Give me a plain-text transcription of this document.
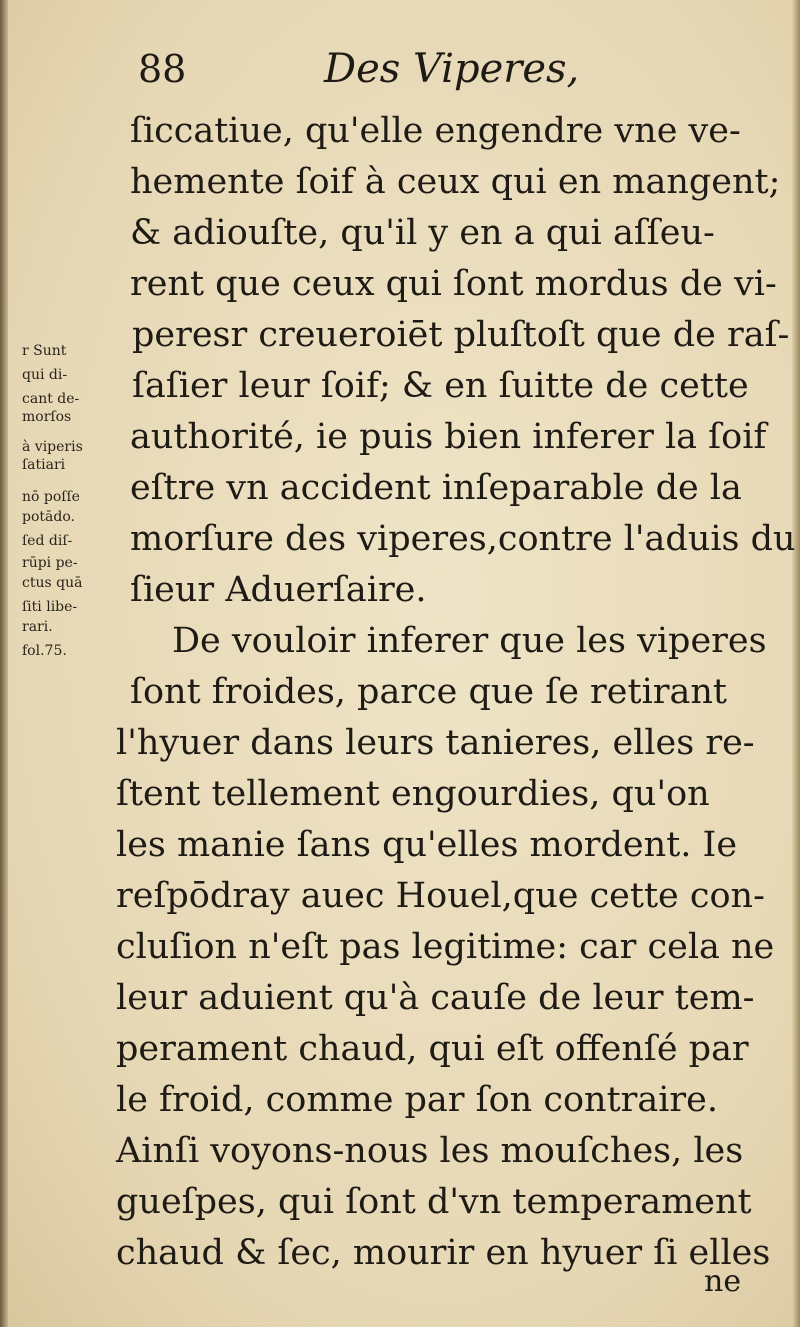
88	Des Viperes,
ſiccatiue, qu'elle engendre vne ve-
hemente ſoif à ceux qui en mangent;
& adiouſte, qu'il y en a qui aſſeu-
rent que ceux qui ſont mordus de vi-
peresr creueroiēt pluſtoſt que de raſ-
ſaſier leur ſoif; & en ſuitte de cette
authorité, ie puis bien inferer la ſoif
eſtre vn accident inſeparable de la
morſure des viperes,contre l'aduis du
ſieur Aduerſaire.
De vouloir inferer que les viperes
ſont froides, parce que ſe retirant
l'hyuer dans leurs tanieres, elles re-
ſtent tellement engourdies, qu'on
les manie ſans qu'elles mordent. Ie
reſpōdray auec Houel,que cette con-
cluſion n'eſt pas legitime: car cela ne
leur aduient qu'à cauſe de leur tem-
perament chaud, qui eſt offenſé par
le froid, comme par ſon contraire.
Ainſi voyons-nous les mouſches, les
gueſpes, qui ſont d'vn temperament
chaud & ſec, mourir en hyuer ſi elles
r Sunt
qui di-
cant de-
morſos
à viperis
ſatiari
nō poſſe
potādo.
ſed diſ-
rūpi pe-
ctus quā
ſiti libe-
rari.
fol.75.
ne
